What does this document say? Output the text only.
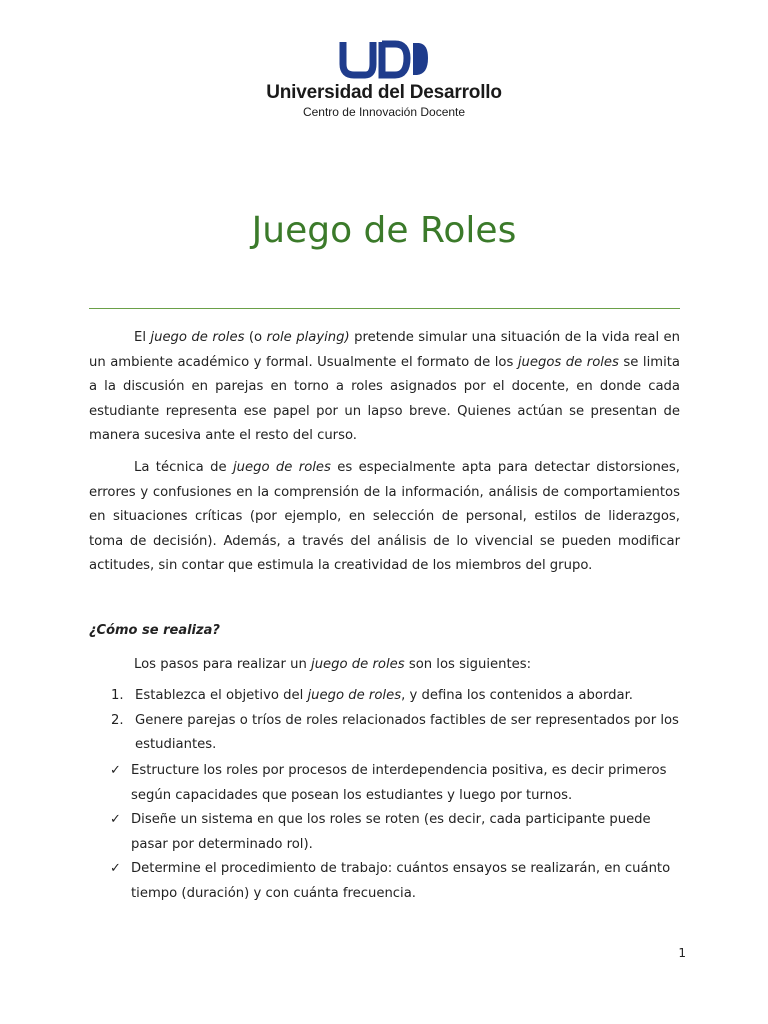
Universidad del Desarrollo
Centro de Innovación Docente
Juego de Roles

El juego de roles (o role playing) pretende simular una situación de la vida real en un ambiente académico y formal. Usualmente el formato de los juegos de roles se limita a la discusión en parejas en torno a roles asignados por el docente, en donde cada estudiante representa ese papel por un lapso breve. Quienes actúan se presentan de manera sucesiva ante el resto del curso.

La técnica de juego de roles es especialmente apta para detectar distorsiones, errores y confusiones en la comprensión de la información, análisis de comportamientos en situaciones críticas (por ejemplo, en selección de personal, estilos de liderazgos, toma de decisión). Además, a través del análisis de lo vivencial se pueden modificar actitudes, sin contar que estimula la creatividad de los miembros del grupo.

¿Cómo se realiza?

Los pasos para realizar un juego de roles son los siguientes:

1. Establezca el objetivo del juego de roles, y defina los contenidos a abordar.
2. Genere parejas o tríos de roles relacionados factibles de ser representados por los estudiantes.
✓ Estructure los roles por procesos de interdependencia positiva, es decir primeros según capacidades que posean los estudiantes y luego por turnos.
✓ Diseñe un sistema en que los roles se roten (es decir, cada participante puede pasar por determinado rol).
✓ Determine el procedimiento de trabajo: cuántos ensayos se realizarán, en cuánto tiempo (duración) y con cuánta frecuencia.
1
